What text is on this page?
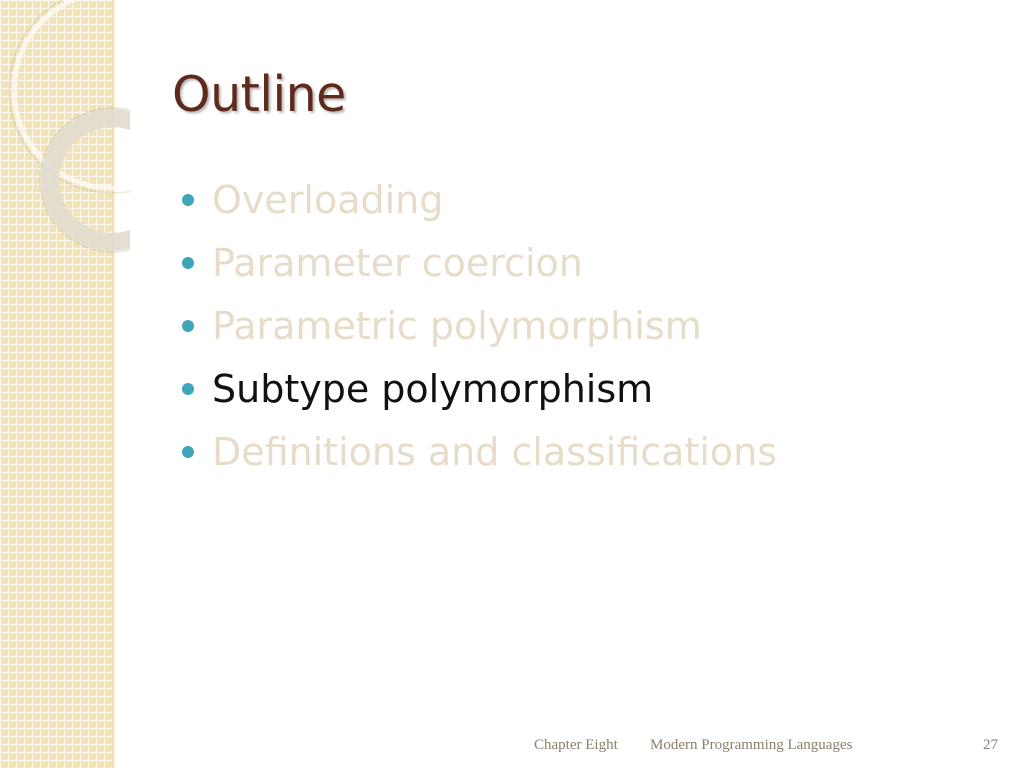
Outline
Overloading
Parameter coercion
Parametric polymorphism
Subtype polymorphism
Definitions and classifications
Chapter Eight Modern Programming Languages	27
